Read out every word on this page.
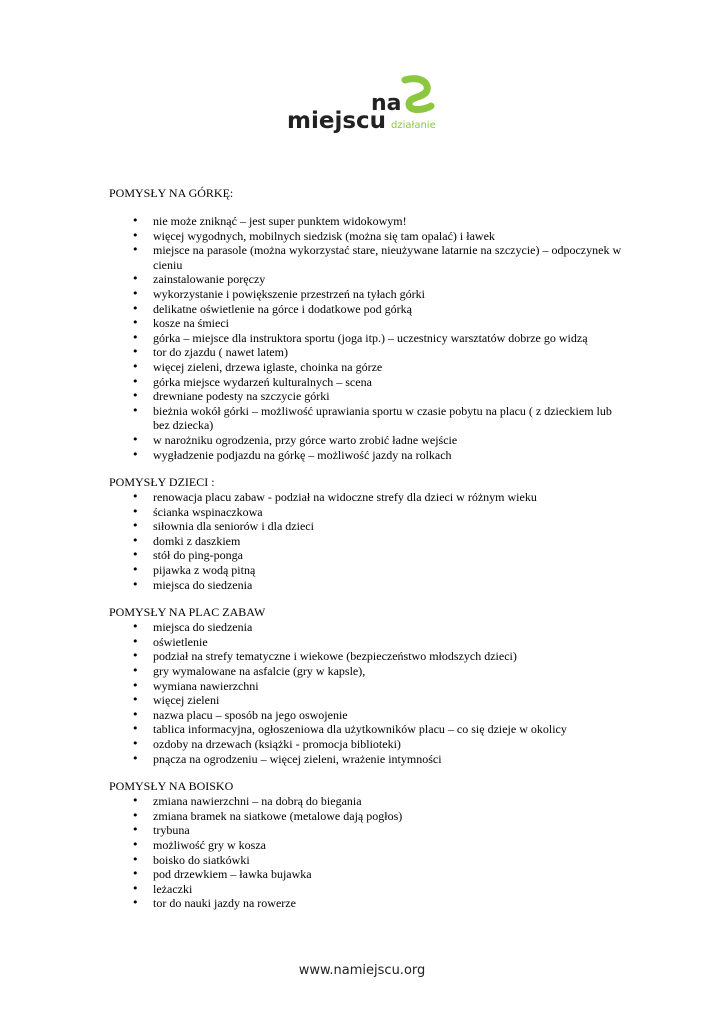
na
miejscu działanie

POMYSŁY NA GÓRKĘ:

• nie może zniknąć – jest super punktem widokowym!
• więcej wygodnych, mobilnych siedzisk (można się tam opalać) i ławek
• miejsce na parasole (można wykorzystać stare, nieużywane latarnie na szczycie) – odpoczynek w cieniu
• zainstalowanie poręczy
• wykorzystanie i powiększenie przestrzeń na tyłach górki
• delikatne oświetlenie na górce i dodatkowe pod górką
• kosze na śmieci
• górka – miejsce dla instruktora sportu (joga itp.) – uczestnicy warsztatów dobrze go widzą
• tor do zjazdu ( nawet latem)
• więcej zieleni, drzewa iglaste, choinka na górze
• górka miejsce wydarzeń kulturalnych – scena
• drewniane podesty na szczycie górki
• bieżnia wokół górki – możliwość uprawiania sportu w czasie pobytu na placu ( z dzieckiem lub bez dziecka)
• w narożniku ogrodzenia, przy górce warto zrobić ładne wejście
• wygładzenie podjazdu na górkę – możliwość jazdy na rolkach

POMYSŁY DZIECI :

• renowacja placu zabaw - podział na widoczne strefy dla dzieci w różnym wieku
• ścianka wspinaczkowa
• siłownia dla seniorów i dla dzieci
• domki z daszkiem
• stół do ping-ponga
• pijawka z wodą pitną
• miejsca do siedzenia

POMYSŁY NA PLAC ZABAW

• miejsca do siedzenia
• oświetlenie
• podział na strefy tematyczne i wiekowe (bezpieczeństwo młodszych dzieci)
• gry wymalowane na asfalcie (gry w kapsle),
• wymiana nawierzchni
• więcej zieleni
• nazwa placu – sposób na jego oswojenie
• tablica informacyjna, ogłoszeniowa dla użytkowników placu – co się dzieje w okolicy
• ozdoby na drzewach (książki - promocja biblioteki)
• pnącza na ogrodzeniu – więcej zieleni, wrażenie intymności

POMYSŁY NA BOISKO

• zmiana nawierzchni – na dobrą do biegania
• zmiana bramek na siatkowe (metalowe dają pogłos)
• trybuna
• możliwość gry w kosza
• boisko do siatkówki
• pod drzewkiem – ławka bujawka
• leżaczki
• tor do nauki jazdy na rowerze
www.namiejscu.org
